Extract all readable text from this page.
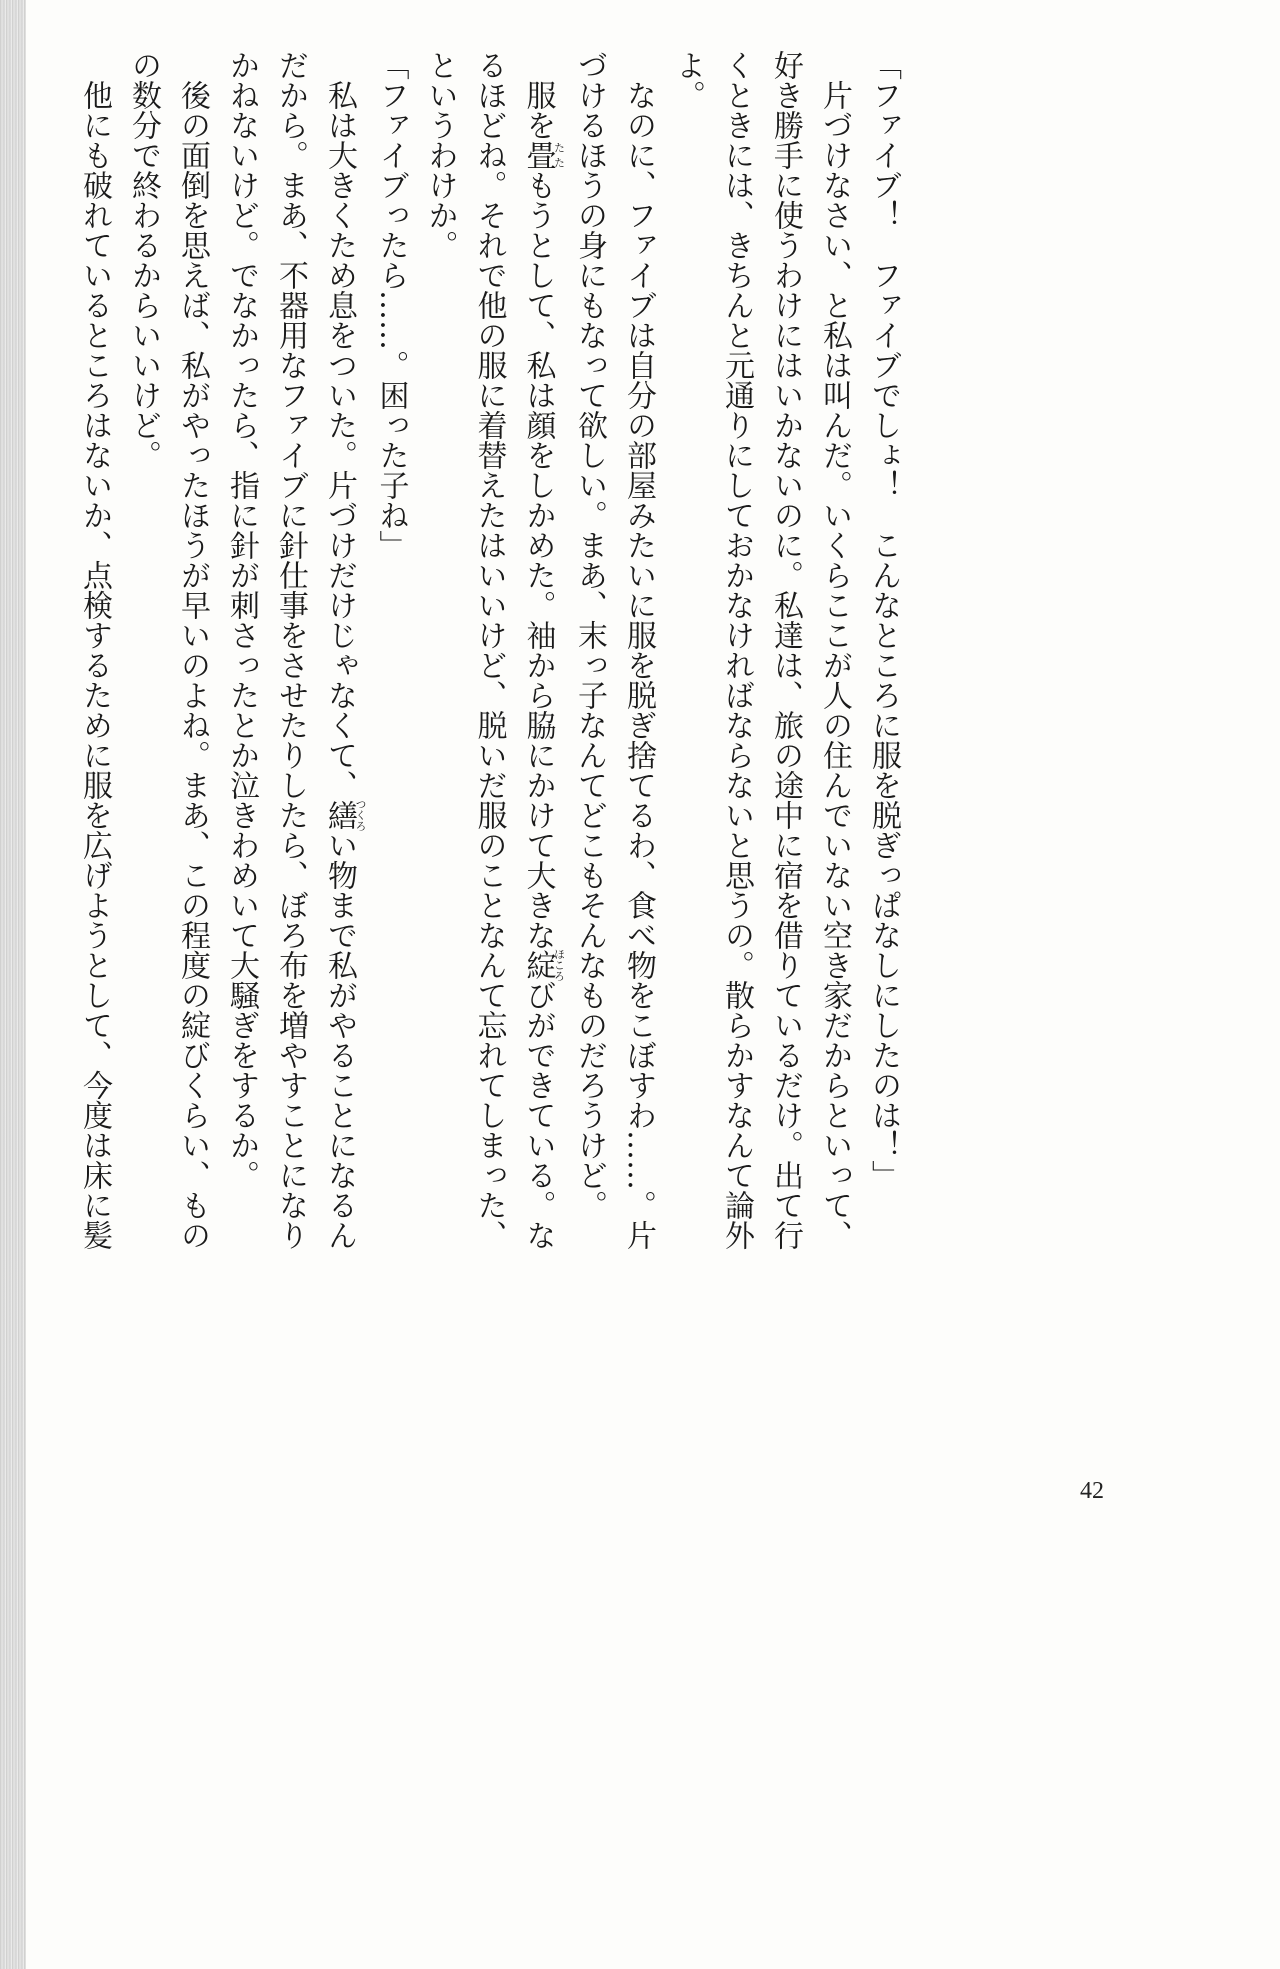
「ファイブ！　ファイブでしょ！　こんなところに服を脱ぎっぱなしにしたのは！」
　片づけなさい、と私は叫んだ。いくらここが人の住んでいない空き家だからといって、
好き勝手に使うわけにはいかないのに。私達は、旅の途中に宿を借りているだけ。出て行
くときには、きちんと元通りにしておかなければならないと思うの。散らかすなんて論外
よ。
　なのに、ファイブは自分の部屋みたいに服を脱ぎ捨てるわ、食べ物をこぼすわ……。片
づけるほうの身にもなって欲しい。まあ、末っ子なんてどこもそんなものだろうけど。
　服を畳たたもうとして、私は顔をしかめた。袖から脇にかけて大きな綻ほころびができている。な
るほどね。それで他の服に着替えたはいいけど、脱いだ服のことなんて忘れてしまった、
というわけか。
「ファイブったら……。困った子ね」
　私は大きくため息をついた。片づけだけじゃなくて、繕つくろい物まで私がやることになるん
だから。まあ、不器用なファイブに針仕事をさせたりしたら、ぼろ布を増やすことになり
かねないけど。でなかったら、指に針が刺さったとか泣きわめいて大騒ぎをするか。
　後の面倒を思えば、私がやったほうが早いのよね。まあ、この程度の綻びくらい、もの
の数分で終わるからいいけど。
　他にも破れているところはないか、点検するために服を広げようとして、今度は床に髪
42
